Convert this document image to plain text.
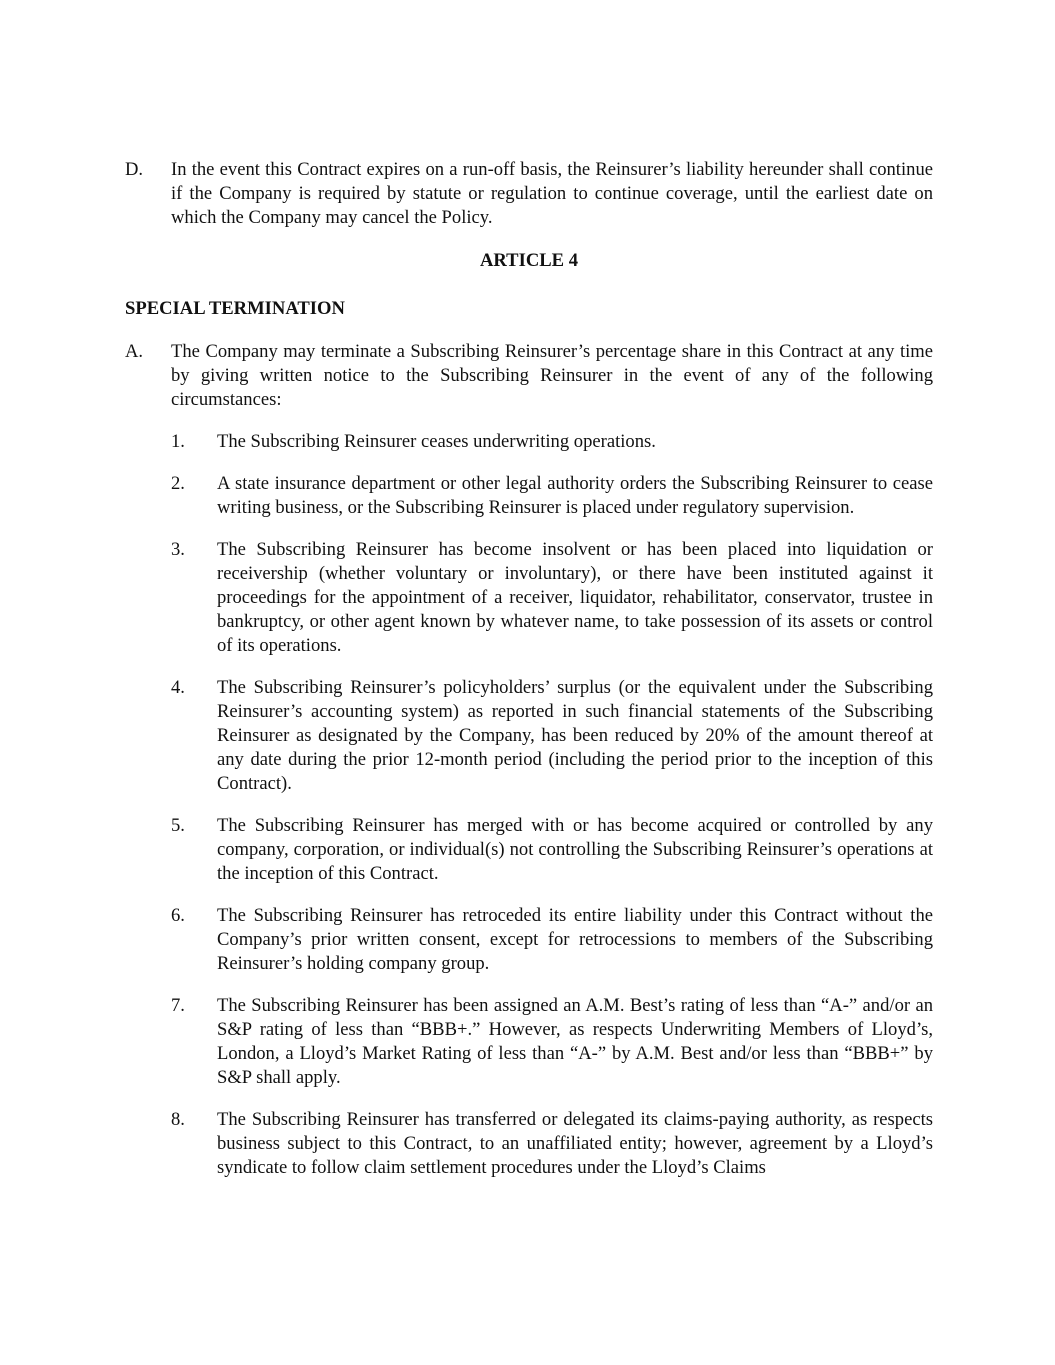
D. In the event this Contract expires on a run-off basis, the Reinsurer’s liability hereunder shall continue if the Company is required by statute or regulation to continue coverage, until the earliest date on which the Company may cancel the Policy.
ARTICLE 4
SPECIAL TERMINATION
A. The Company may terminate a Subscribing Reinsurer’s percentage share in this Contract at any time by giving written notice to the Subscribing Reinsurer in the event of any of the following circumstances:
1. The Subscribing Reinsurer ceases underwriting operations.
2. A state insurance department or other legal authority orders the Subscribing Reinsurer to cease writing business, or the Subscribing Reinsurer is placed under regulatory supervision.
3. The Subscribing Reinsurer has become insolvent or has been placed into liquidation or receivership (whether voluntary or involuntary), or there have been instituted against it proceedings for the appointment of a receiver, liquidator, rehabilitator, conservator, trustee in bankruptcy, or other agent known by whatever name, to take possession of its assets or control of its operations.
4. The Subscribing Reinsurer’s policyholders’ surplus (or the equivalent under the Subscribing Reinsurer’s accounting system) as reported in such financial statements of the Subscribing Reinsurer as designated by the Company, has been reduced by 20% of the amount thereof at any date during the prior 12-month period (including the period prior to the inception of this Contract).
5. The Subscribing Reinsurer has merged with or has become acquired or controlled by any company, corporation, or individual(s) not controlling the Subscribing Reinsurer’s operations at the inception of this Contract.
6. The Subscribing Reinsurer has retroceded its entire liability under this Contract without the Company’s prior written consent, except for retrocessions to members of the Subscribing Reinsurer’s holding company group.
7. The Subscribing Reinsurer has been assigned an A.M. Best’s rating of less than “A-” and/or an S&P rating of less than “BBB+.” However, as respects Underwriting Members of Lloyd’s, London, a Lloyd’s Market Rating of less than “A-” by A.M. Best and/or less than “BBB+” by S&P shall apply.
8. The Subscribing Reinsurer has transferred or delegated its claims-paying authority, as respects business subject to this Contract, to an unaffiliated entity; however, agreement by a Lloyd’s syndicate to follow claim settlement procedures under the Lloyd’s Claims
